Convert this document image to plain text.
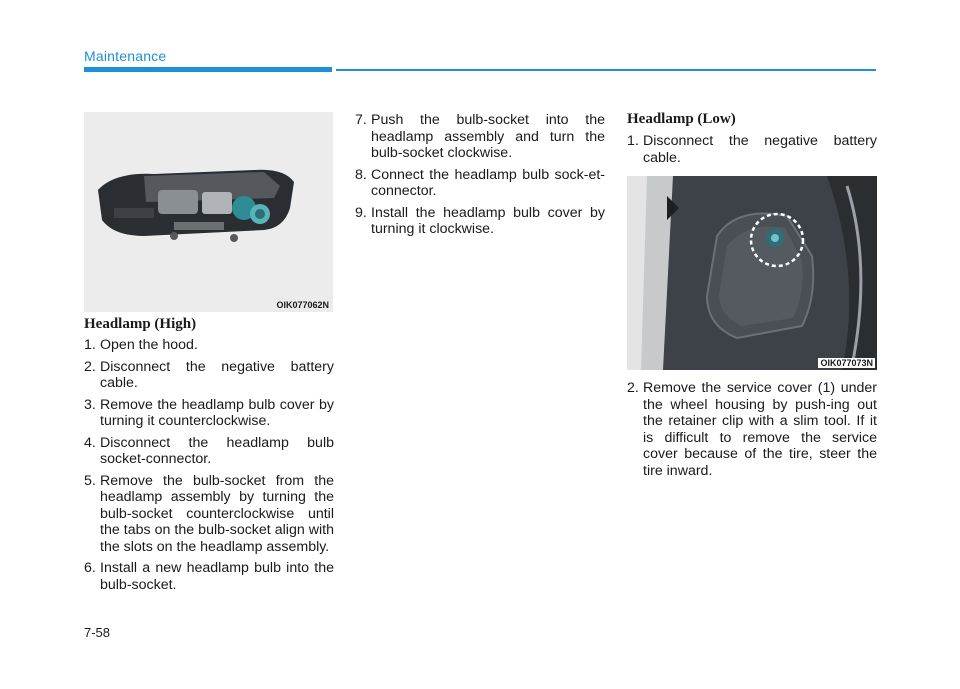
Maintenance
OIK077062N
Headlamp (High)
1. Open the hood.
2. Disconnect the negative battery cable.
3. Remove the headlamp bulb cover by turning it counterclockwise.
4. Disconnect the headlamp bulb socket-connector.
5. Remove the bulb-socket from the headlamp assembly by turning the bulb-socket counterclockwise until the tabs on the bulb-socket align with the slots on the headlamp assembly.
6. Install a new headlamp bulb into the bulb-socket.
7. Push the bulb-socket into the headlamp assembly and turn the bulb-socket clockwise.
8. Connect the headlamp bulb sock-et-connector.
9. Install the headlamp bulb cover by turning it clockwise.
Headlamp (Low)
1. Disconnect the negative battery cable.
OIK077073N
2. Remove the service cover (1) under the wheel housing by push-ing out the retainer clip with a slim tool. If it is difficult to remove the service cover because of the tire, steer the tire inward.
7-58
